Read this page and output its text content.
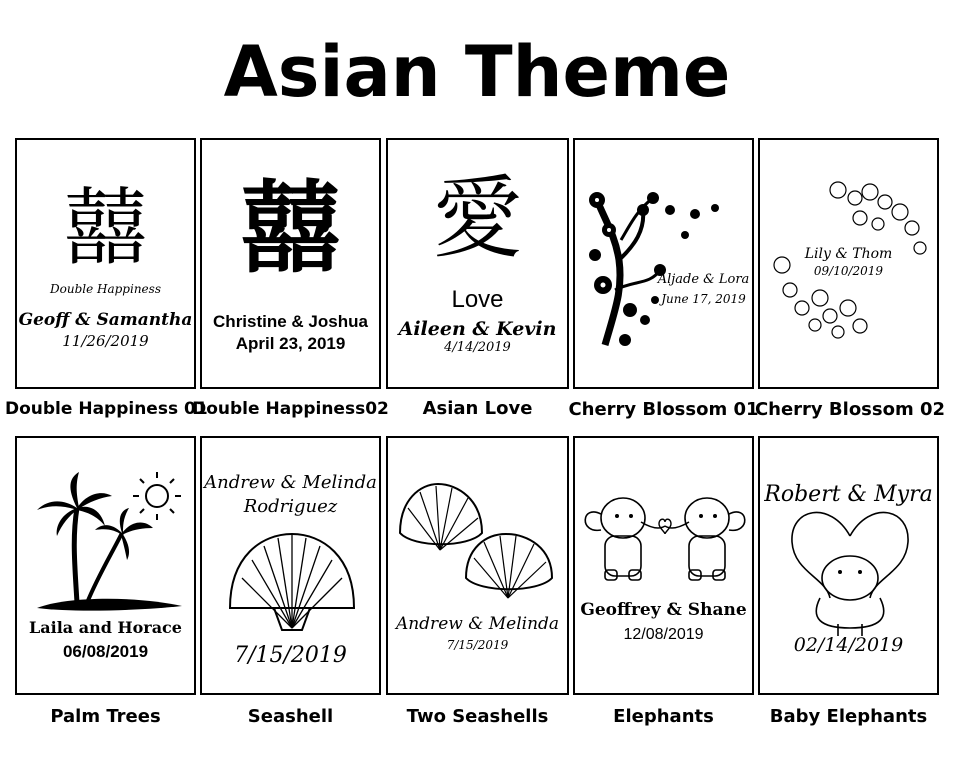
Asian Theme
囍
Double Happiness
Geoff & Samantha
11/26/2019
Double Happiness 01
囍
Christine & Joshua
April 23, 2019
Double Happiness02
愛
Love
Aileen & Kevin
4/14/2019
Asian Love
Aljade & Lora
June 17, 2019
Cherry Blossom 01
Lily & Thom
09/10/2019
Cherry Blossom 02
Laila and Horace
06/08/2019
Palm Trees
Andrew & Melinda
Rodriguez
7/15/2019
Seashell
Andrew & Melinda
7/15/2019
Two Seashells
Geoffrey & Shane
12/08/2019
Elephants
Robert & Myra
02/14/2019
Baby Elephants
